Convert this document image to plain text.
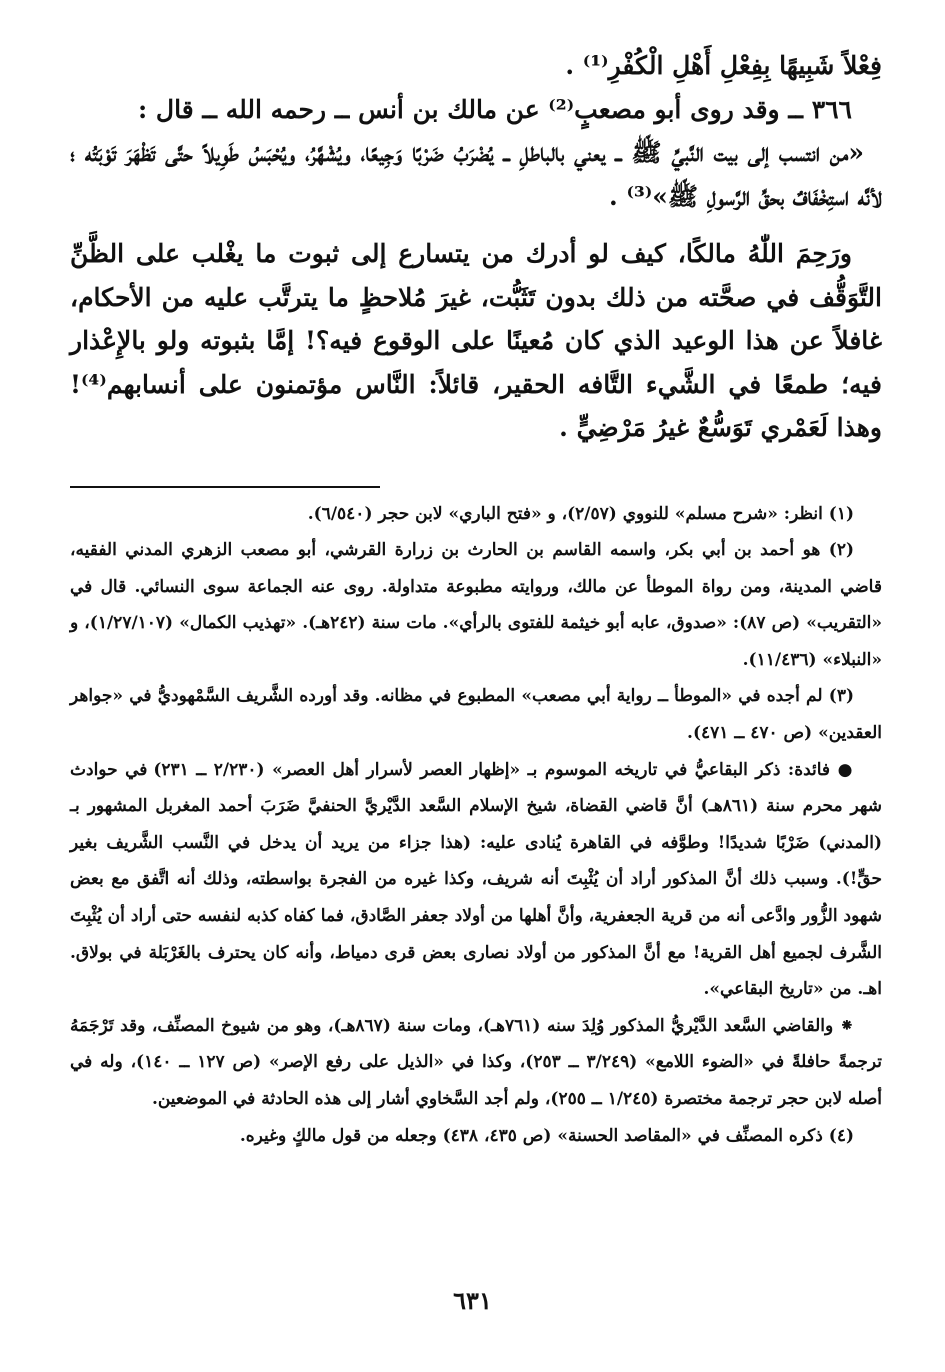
فِعْلاً شَبِيهًا بِفِعْلِ أَهْلِ الْكُفْرِ⁽¹⁾ .

٣٦٦ ــ وقد روى أبو مصعبٍ⁽²⁾ عن مالك بن أنس ــ رحمه الله ــ قال :

«من انتسب إلى بيت النَّبيِّ ﷺ ــ يعني بالباطلِ ــ يُضْرَبُ ضَرْبًا وَجِيعًا، ويُشْهَّرُ، ويُحْبَسُ طَوِيلاً حتَّى تَظْهَرَ تَوْبَتُه ؛ لأنَّه استِخْفَافٌ بحقِّ الرَّسولِ ﷺ»⁽³⁾ .

ورَحِمَ اللّٰهُ مالكًا، كيف لو أدرك من يتسارع إلى ثبوت ما يغْلب على الظَّنِّ التَّوَقُّف في صحَّته من ذلك بدون تَثَبُّت، غيرَ مُلاحظٍ ما يترتَّب عليه من الأحكام، غافلاً عن هذا الوعيد الذي كان مُعينًا على الوقوع فيه؟! إمَّا بثبوته ولو بالإِعْذار فيه؛ طمعًا في الشَّيء التَّافه الحقير، قائلاً: النَّاس مؤتمنون على أنسابهم⁽⁴⁾! وهذا لَعَمْري تَوَسُّعٌ غيرُ مَرْضِيٍّ .

(١) انظر: «شرح مسلم» للنووي (٢/٥٧)، و «فتح الباري» لابن حجر (٦/٥٤٠).

(٢) هو أحمد بن أبي بكر، واسمه القاسم بن الحارث بن زرارة القرشي، أبو مصعب الزهري المدني الفقيه، قاضي المدينة، ومن رواة الموطأ عن مالك، وروايته مطبوعة متداولة. روى عنه الجماعة سوى النسائي. قال في «التقريب» (ص ٨٧): «صدوق، عابه أبو خيثمة للفتوى بالرأي». مات سنة (٢٤٢هـ). «تهذيب الكمال» (١/٢٧/١٠٧)، و «النبلاء» (١١/٤٣٦).

(٣) لم أجده في «الموطأ ــ رواية أبي مصعب» المطبوع في مظانه. وقد أورده الشَّريف السَّمْهوديُّ في «جواهر العقدين» (ص ٤٧٠ ــ ٤٧١).

● فائدة: ذكر البقاعيُّ في تاريخه الموسوم بـ «إظهار العصر لأسرار أهل العصر» (٢/٢٣٠ ــ ٢٣١) في حوادث شهر محرم سنة (٨٦١هـ) أنَّ قاضي القضاة، شيخ الإسلام السَّعد الدَّيْريَّ الحنفيَّ ضَرَبَ أحمد المغربل المشهور بـ (المدني) ضَرْبًا شديدًا! وطوَّفه في القاهرة يُنادى عليه: (هذا جزاء من يريد أن يدخل في النَّسب الشَّريف بغير حقٍّ!). وسبب ذلك أنَّ المذكور أراد أن يُثْبِتَ أنه شريف، وكذا غيره من الفجرة بواسطته، وذلك أنه اتَّفق مع بعض شهود الزُّور وادَّعى أنه من قرية الجعفرية، وأنَّ أهلها من أولاد جعفر الصَّادق، فما كفاه كذبه لنفسه حتى أراد أن يُثْبِتَ الشَّرف لجميع أهل القرية! مع أنَّ المذكور من أولاد نصارى بعض قرى دمياط، وأنه كان يحترف بالغَرْبَلة في بولاق. اهـ. من «تاريخ البقاعي».

⁕ والقاضي السَّعد الدَّيْريُّ المذكور وُلِدَ سنه (٧٦١هـ)، ومات سنة (٨٦٧هـ)، وهو من شيوخ المصنِّف، وقد تَرْجَمَهُ ترجمةً حافلةً في «الضوء اللامع» (٣/٢٤٩ ــ ٢٥٣)، وكذا في «الذيل على رفع الإصر» (ص ١٢٧ ــ ١٤٠)، وله في أصله لابن حجر ترجمة مختصرة (١/٢٤٥ ــ ٢٥٥)، ولم أجد السَّخاوي أشار إلى هذه الحادثة في الموضعين.

(٤) ذكره المصنِّف في «المقاصد الحسنة» (ص ٤٣٥، ٤٣٨) وجعله من قول مالكٍ وغيره.

٦٣١
